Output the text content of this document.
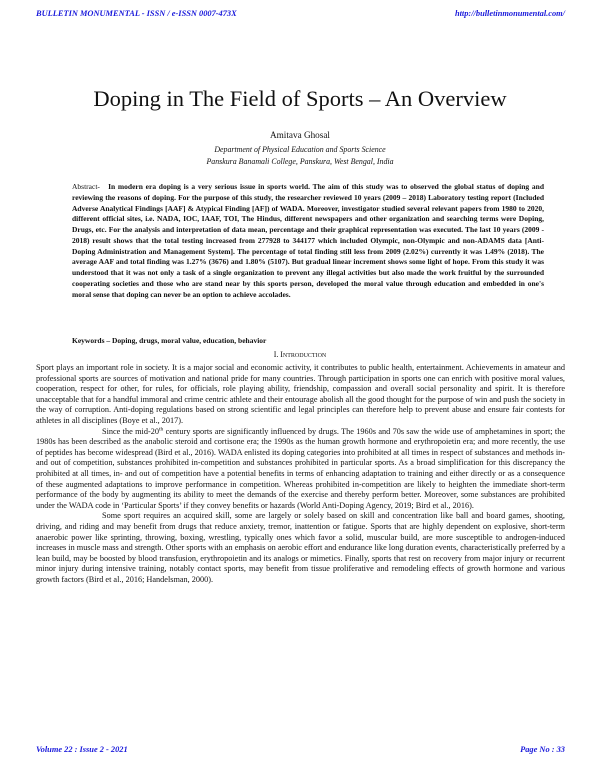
BULLETIN MONUMENTAL - ISSN / e-ISSN 0007-473X	http://bulletinmonumental.com/
Doping in The Field of Sports – An Overview
Amitava Ghosal
Department of Physical Education and Sports Science
Panskura Banamali College, Panskura, West Bengal, India
Abstract- In modern era doping is a very serious issue in sports world. The aim of this study was to observed the global status of doping and reviewing the reasons of doping. For the purpose of this study, the researcher reviewed 10 years (2009 – 2018) Laboratory testing report (Included Adverse Analytical Findings [AAF] & Atypical Finding [AF]) of WADA. Moreover, investigator studied several relevant papers from 1980 to 2020, different official sites, i.e. NADA, IOC, IAAF, TOI, The Hindus, different newspapers and other organization and searching terms were Doping, Drugs, etc. For the analysis and interpretation of data mean, percentage and their graphical representation was executed. The last 10 years (2009 - 2018) result shows that the total testing increased from 277928 to 344177 which included Olympic, non-Olympic and non-ADAMS data [Anti-Doping Administration and Management System]. The percentage of total finding still less from 2009 (2.02%) currently it was 1.49% (2018). The average AAF and total finding was 1.27% (3676) and 1.80% (5107). But gradual linear increment shows some light of hope. From this study it was understood that it was not only a task of a single organization to prevent any illegal activities but also made the work fruitful by the surrounded cooperating societies and those who are stand near by this sports person, developed the moral value through education and embedded in one's moral sense that doping can never be an option to achieve accolades.
Keywords – Doping, drugs, moral value, education, behavior
I. Introduction

Sport plays an important role in society. It is a major social and economic activity, it contributes to public health, entertainment. Achievements in amateur and professional sports are sources of motivation and national pride for many countries. Through participation in sports one can enrich with positive moral values, cooperation, respect for other, for rules, for officials, role playing ability, friendship, compassion and overall social personality and spirit. It is therefore unacceptable that for a handful immoral and crime centric athlete and their entourage abolish all the good thought for the purpose of win and push the society in the way of corruption. Anti-doping regulations based on strong scientific and legal principles can therefore help to prevent abuse and ensure fair contests for athletes in all disciplines (Boye et al., 2017).

Since the mid-20th century sports are significantly influenced by drugs. The 1960s and 70s saw the wide use of amphetamines in sport; the 1980s has been described as the anabolic steroid and cortisone era; the 1990s as the human growth hormone and erythropoietin era; and more recently, the use of peptides has become widespread (Bird et al., 2016). WADA enlisted its doping categories into prohibited at all times in respect of substances and methods in- and out of competition, substances prohibited in-competition and substances prohibited in particular sports. As a broad simplification for this discrepancy the prohibited at all times, in- and out of competition have a potential benefits in terms of enhancing adaptation to training and either directly or as a consequence of these augmented adaptations to improve performance in competition. Whereas prohibited in-competition are likely to heighten the immediate short-term performance of the body by augmenting its ability to meet the demands of the exercise and thereby perform better. Moreover, some substances are prohibited under the WADA code in ‘Particular Sports’ if they convey benefits or hazards (World Anti-Doping Agency, 2019; Bird et al., 2016).

Some sport requires an acquired skill, some are largely or solely based on skill and concentration like ball and board games, shooting, driving, and riding and may benefit from drugs that reduce anxiety, tremor, inattention or fatigue. Sports that are highly dependent on explosive, short-term anaerobic power like sprinting, throwing, boxing, wrestling, typically ones which favor a solid, muscular build, are more susceptible to androgen-induced increases in muscle mass and strength. Other sports with an emphasis on aerobic effort and endurance like long duration events, characteristically preferred by a lean build, may be boosted by blood transfusion, erythropoietin and its analogs or mimetics. Finally, sports that rest on recovery from major injury or recurrent minor injury during intensive training, notably contact sports, may benefit from tissue proliferative and remodeling effects of growth hormone and various growth factors (Bird et al., 2016; Handelsman, 2000).

Volume 22 : Issue 2 - 2021	Page No : 33
